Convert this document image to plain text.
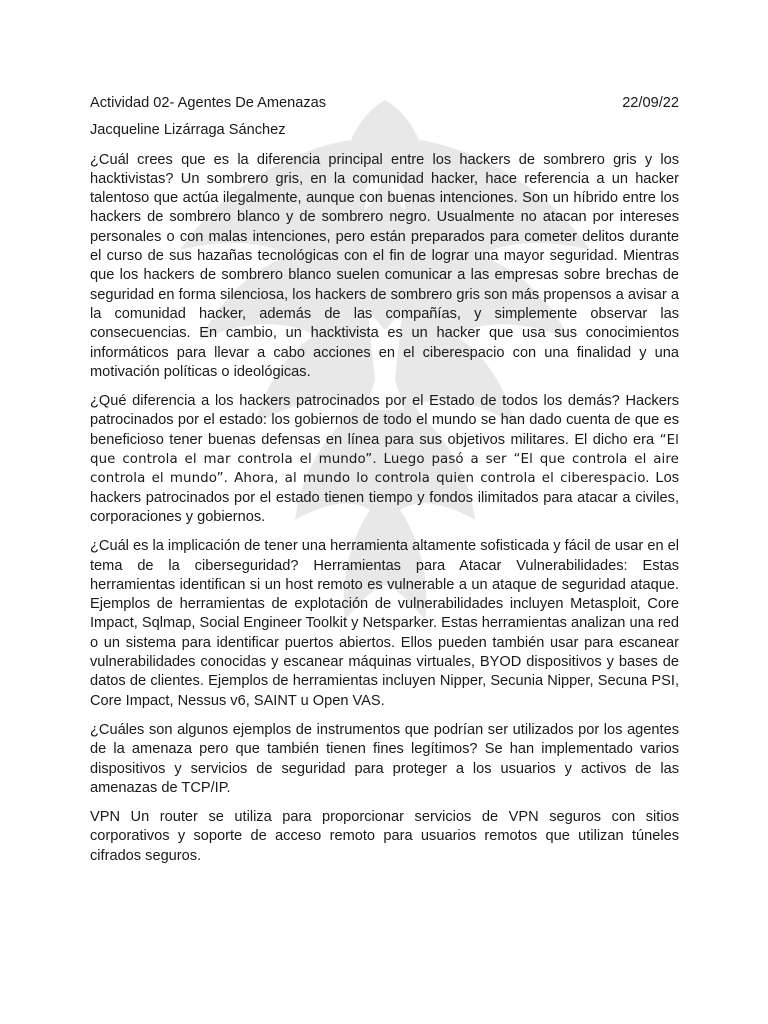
Actividad 02- Agentes De Amenazas	22/09/22
Jacqueline Lizárraga Sánchez

¿Cuál crees que es la diferencia principal entre los hackers de sombrero gris y los hacktivistas? Un sombrero gris, en la comunidad hacker, hace referencia a un hacker talentoso que actúa ilegalmente, aunque con buenas intenciones. Son un híbrido entre los hackers de sombrero blanco y de sombrero negro. Usualmente no atacan por intereses personales o con malas intenciones, pero están preparados para cometer delitos durante el curso de sus hazañas tecnológicas con el fin de lograr una mayor seguridad. Mientras que los hackers de sombrero blanco suelen comunicar a las empresas sobre brechas de seguridad en forma silenciosa, los hackers de sombrero gris son más propensos a avisar a la comunidad hacker, además de las compañías, y simplemente observar las consecuencias. En cambio, un hacktivista es un hacker que usa sus conocimientos informáticos para llevar a cabo acciones en el ciberespacio con una finalidad y una motivación políticas o ideológicas.

¿Qué diferencia a los hackers patrocinados por el Estado de todos los demás? Hackers patrocinados por el estado: los gobiernos de todo el mundo se han dado cuenta de que es beneficioso tener buenas defensas en línea para sus objetivos militares. El dicho era “El que controla el mar controla el mundo”. Luego pasó a ser “El que controla el aire controla el mundo”. Ahora, al mundo lo controla quien controla el ciberespacio. Los hackers patrocinados por el estado tienen tiempo y fondos ilimitados para atacar a civiles, corporaciones y gobiernos.

¿Cuál es la implicación de tener una herramienta altamente sofisticada y fácil de usar en el tema de la ciberseguridad? Herramientas para Atacar Vulnerabilidades: Estas herramientas identifican si un host remoto es vulnerable a un ataque de seguridad ataque. Ejemplos de herramientas de explotación de vulnerabilidades incluyen Metasploit, Core Impact, Sqlmap, Social Engineer Toolkit y Netsparker. Estas herramientas analizan una red o un sistema para identificar puertos abiertos. Ellos pueden también usar para escanear vulnerabilidades conocidas y escanear máquinas virtuales, BYOD dispositivos y bases de datos de clientes. Ejemplos de herramientas incluyen Nipper, Secunia Nipper, Secuna PSI, Core Impact, Nessus v6, SAINT u Open VAS.

¿Cuáles son algunos ejemplos de instrumentos que podrían ser utilizados por los agentes de la amenaza pero que también tienen fines legítimos? Se han implementado varios dispositivos y servicios de seguridad para proteger a los usuarios y activos de las amenazas de TCP/IP.

VPN Un router se utiliza para proporcionar servicios de VPN seguros con sitios corporativos y soporte de acceso remoto para usuarios remotos que utilizan túneles cifrados seguros.
